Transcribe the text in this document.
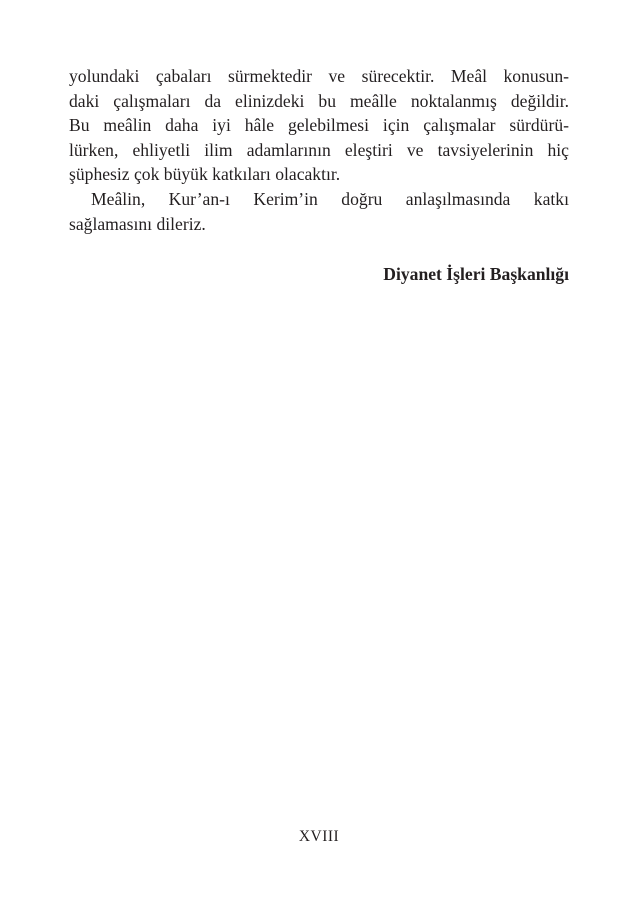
yolundaki çabaları sürmektedir ve sürecektir. Meâl konusun-
daki çalışmaları da elinizdeki bu meâlle noktalanmış değildir.
Bu meâlin daha iyi hâle gelebilmesi için çalışmalar sürdürü-
lürken, ehliyetli ilim adamlarının eleştiri ve tavsiyelerinin hiç
şüphesiz çok büyük katkıları olacaktır.
Meâlin, Kur’an-ı Kerim’in doğru anlaşılmasında katkı
sağlamasını dileriz.
Diyanet İşleri Başkanlığı
XVIII
